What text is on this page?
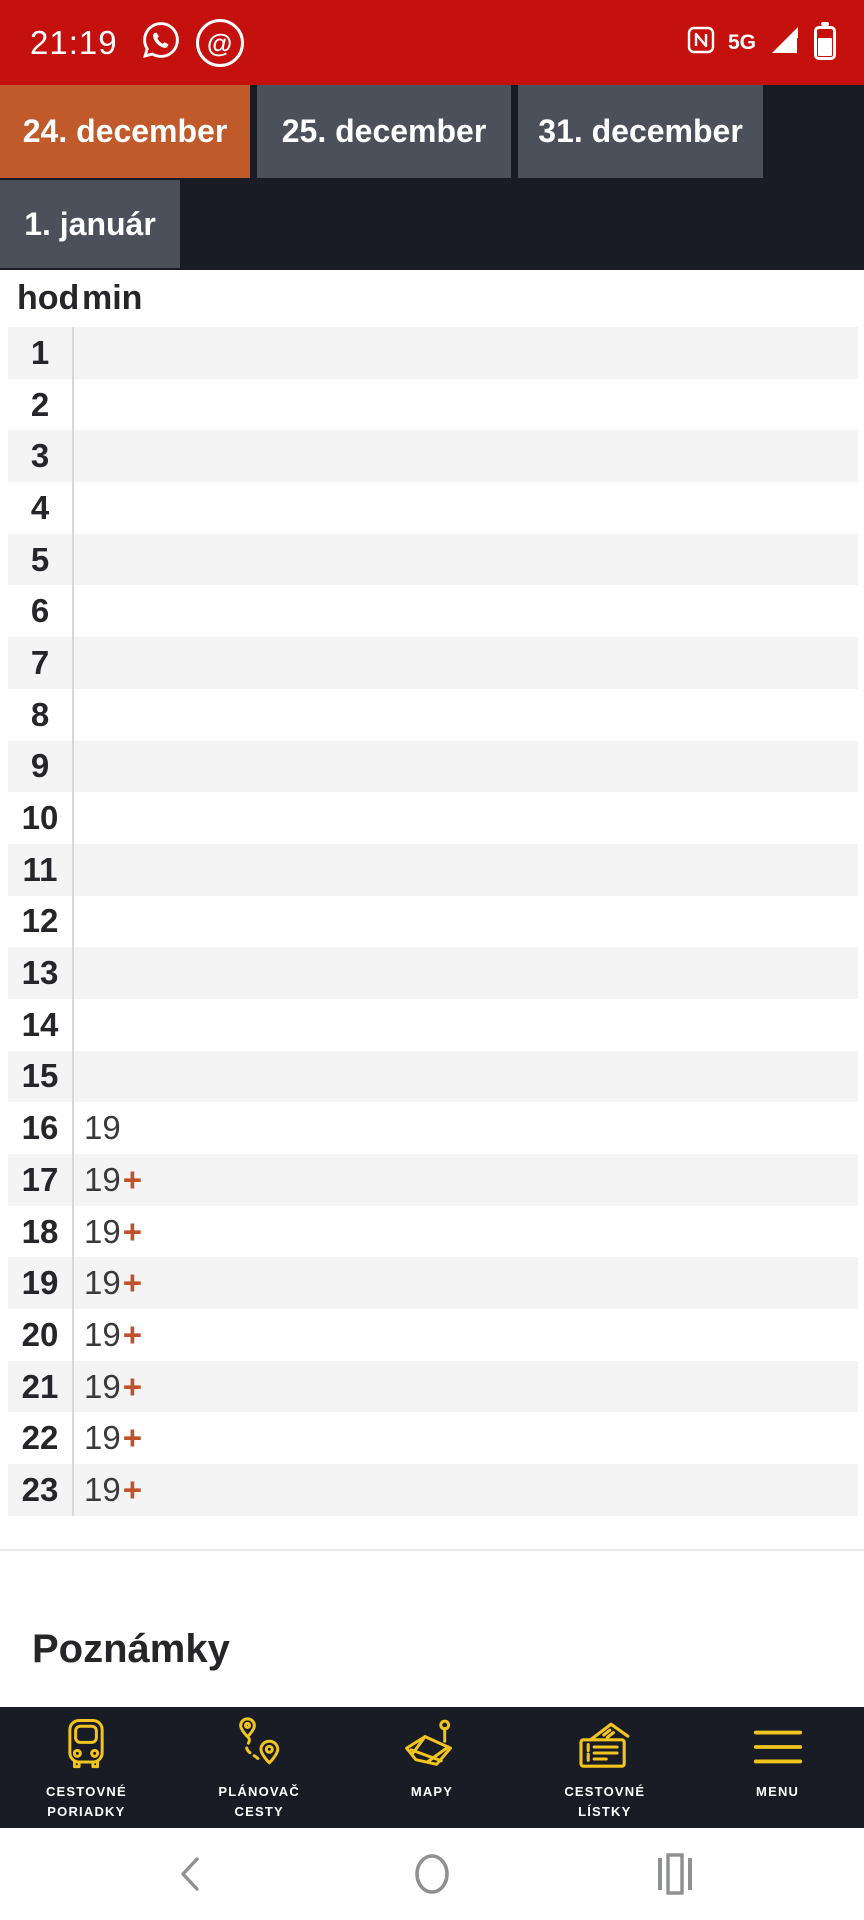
21:19	@	5G
24. december	25. december	31. december
1. január
hod min
1
2
3
4
5
6
7
8
9
10
11
12
13
14
15
16 19
17 19+
18 19+
19 19+
20 19+
21 19+
22 19+
23 19+
Poznámky
CESTOVNÉ
PORIADKY
PLÁNOVAČ
CESTY
MAPY	CESTOVNÉ
LÍSTKY
MENU
